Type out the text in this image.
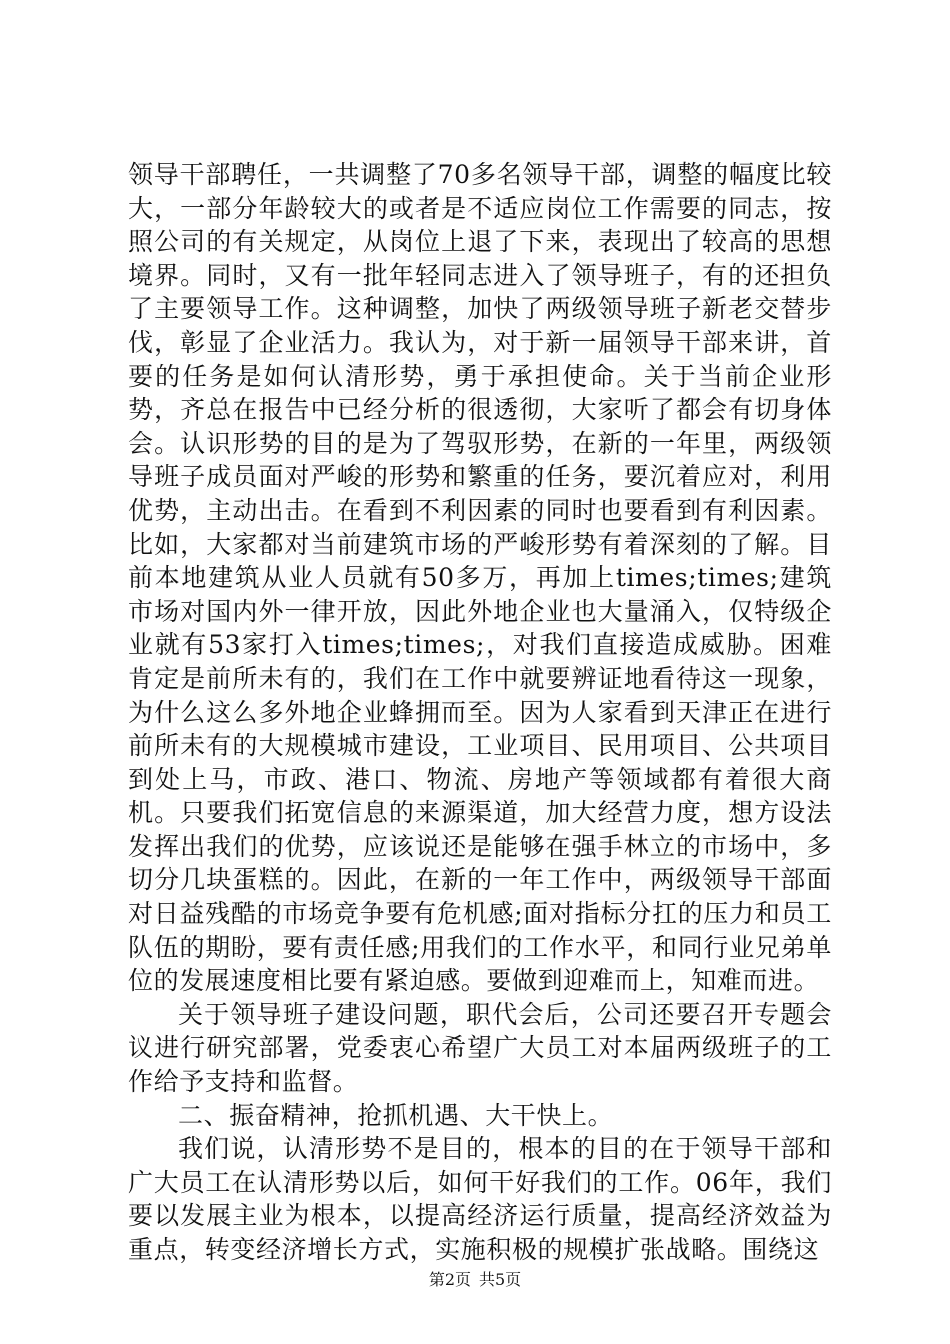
领导干部聘任，一共调整了70多名领导干部，调整的幅度比较大，一部分年龄较大的或者是不适应岗位工作需要的同志，按照公司的有关规定，从岗位上退了下来，表现出了较高的思想境界。同时，又有一批年轻同志进入了领导班子，有的还担负了主要领导工作。这种调整，加快了两级领导班子新老交替步伐，彰显了企业活力。我认为，对于新一届领导干部来讲，首要的任务是如何认清形势，勇于承担使命。关于当前企业形势，齐总在报告中已经分析的很透彻，大家听了都会有切身体会。认识形势的目的是为了驾驭形势，在新的一年里，两级领导班子成员面对严峻的形势和繁重的任务，要沉着应对，利用优势，主动出击。在看到不利因素的同时也要看到有利因素。比如，大家都对当前建筑市场的严峻形势有着深刻的了解。目前本地建筑从业人员就有50多万，再加上times;times;建筑市场对国内外一律开放，因此外地企业也大量涌入，仅特级企业就有53家打入times;times;，对我们直接造成威胁。困难肯定是前所未有的，我们在工作中就要辨证地看待这一现象，为什么这么多外地企业蜂拥而至。因为人家看到天津正在进行前所未有的大规模城市建设，工业项目、民用项目、公共项目到处上马，市政、港口、物流、房地产等领域都有着很大商机。只要我们拓宽信息的来源渠道，加大经营力度，想方设法发挥出我们的优势，应该说还是能够在强手林立的市场中，多切分几块蛋糕的。因此，在新的一年工作中，两级领导干部面对日益残酷的市场竞争要有危机感;面对指标分扛的压力和员工队伍的期盼，要有责任感;用我们的工作水平，和同行业兄弟单位的发展速度相比要有紧迫感。要做到迎难而上，知难而进。

关于领导班子建设问题，职代会后，公司还要召开专题会议进行研究部署，党委衷心希望广大员工对本届两级班子的工作给予支持和监督。

二、振奋精神，抢抓机遇、大干快上。

我们说，认清形势不是目的，根本的目的在于领导干部和广大员工在认清形势以后，如何干好我们的工作。06年，我们要以发展主业为根本，以提高经济运行质量，提高经济效益为重点，转变经济增长方式，实施积极的规模扩张战略。围绕这

第2页 共5页
